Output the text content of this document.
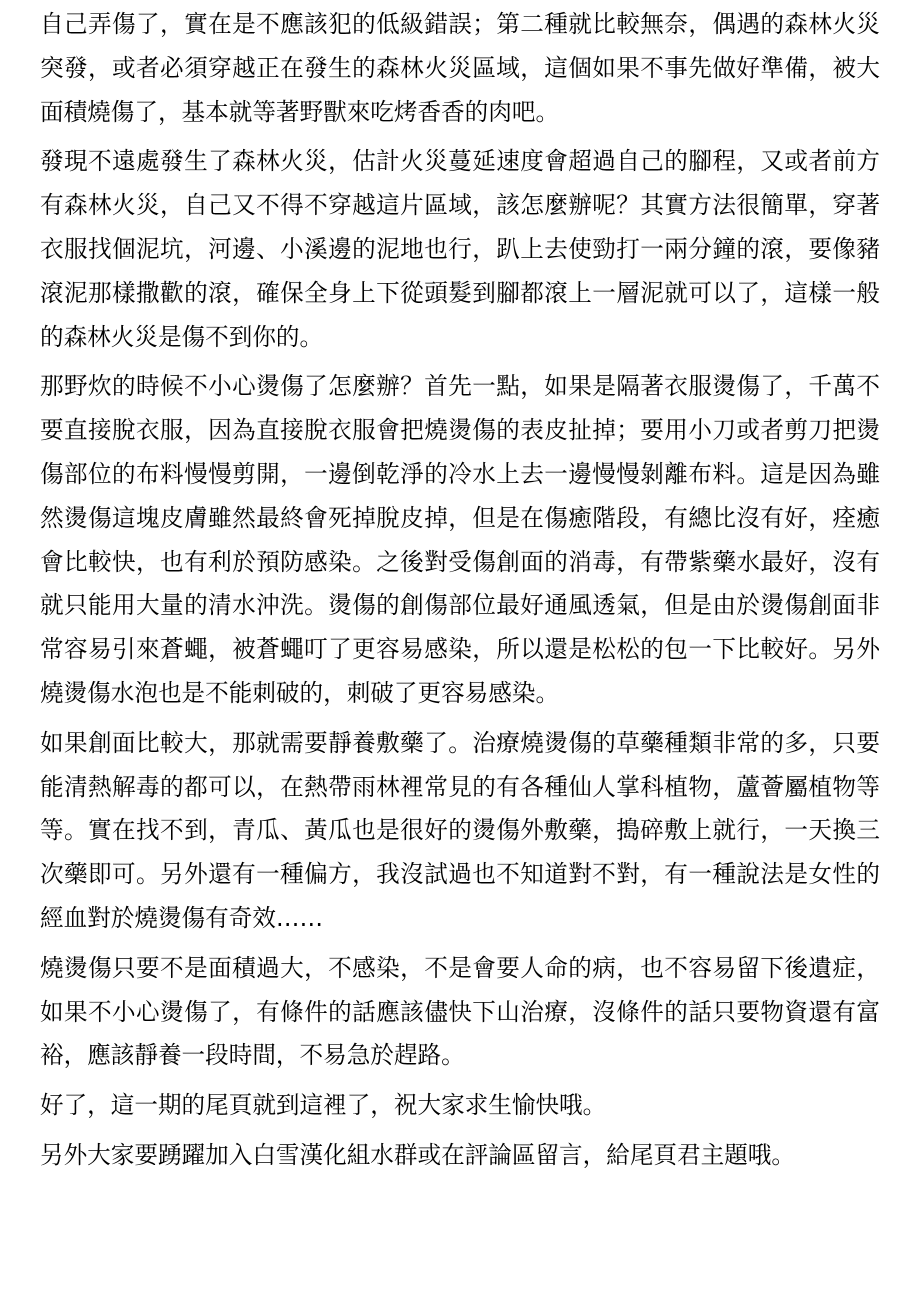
自己弄傷了，實在是不應該犯的低級錯誤；第二種就比較無奈，偶遇的森林火災突發，或者必須穿越正在發生的森林火災區域，這個如果不事先做好準備，被大面積燒傷了，基本就等著野獸來吃烤香香的肉吧。

發現不遠處發生了森林火災，估計火災蔓延速度會超過自己的腳程，又或者前方有森林火災，自己又不得不穿越這片區域，該怎麼辦呢？其實方法很簡單，穿著衣服找個泥坑，河邊、小溪邊的泥地也行，趴上去使勁打一兩分鐘的滾，要像豬滾泥那樣撒歡的滾，確保全身上下從頭髮到腳都滾上一層泥就可以了，這樣一般的森林火災是傷不到你的。

那野炊的時候不小心燙傷了怎麼辦？首先一點，如果是隔著衣服燙傷了，千萬不要直接脫衣服，因為直接脫衣服會把燒燙傷的表皮扯掉；要用小刀或者剪刀把燙傷部位的布料慢慢剪開，一邊倒乾淨的冷水上去一邊慢慢剝離布料。這是因為雖然燙傷這塊皮膚雖然最終會死掉脫皮掉，但是在傷癒階段，有總比沒有好，痊癒會比較快，也有利於預防感染。之後對受傷創面的消毒，有帶紫藥水最好，沒有就只能用大量的清水沖洗。燙傷的創傷部位最好通風透氣，但是由於燙傷創面非常容易引來蒼蠅，被蒼蠅叮了更容易感染，所以還是松松的包一下比較好。另外燒燙傷水泡也是不能刺破的，刺破了更容易感染。

如果創面比較大，那就需要靜養敷藥了。治療燒燙傷的草藥種類非常的多，只要能清熱解毒的都可以，在熱帶雨林裡常見的有各種仙人掌科植物，蘆薈屬植物等等。實在找不到，青瓜、黃瓜也是很好的燙傷外敷藥，搗碎敷上就行，一天換三次藥即可。另外還有一種偏方，我沒試過也不知道對不對，有一種說法是女性的經血對於燒燙傷有奇效……

燒燙傷只要不是面積過大，不感染，不是會要人命的病，也不容易留下後遺症，如果不小心燙傷了，有條件的話應該儘快下山治療，沒條件的話只要物資還有富裕，應該靜養一段時間，不易急於趕路。

好了，這一期的尾頁就到這裡了，祝大家求生愉快哦。

另外大家要踴躍加入白雪漢化組水群或在評論區留言，給尾頁君主題哦。
